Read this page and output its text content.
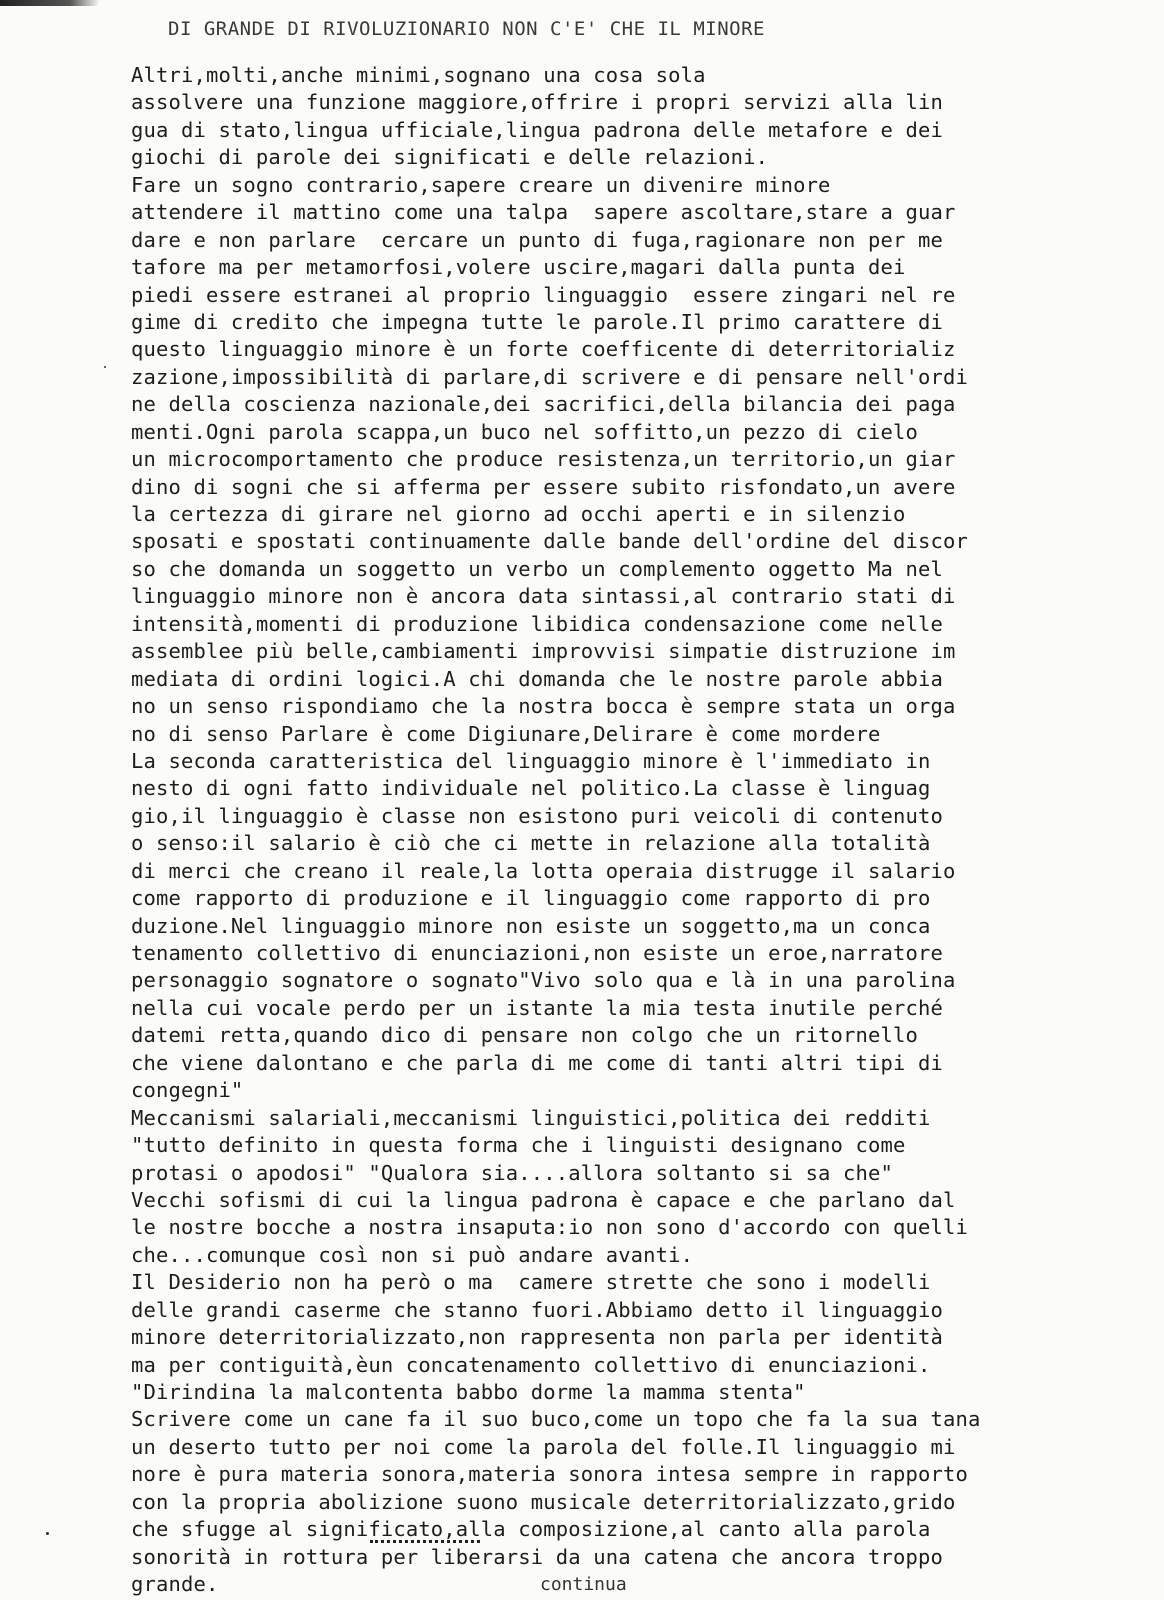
DI GRANDE DI RIVOLUZIONARIO NON C'E' CHE IL MINORE
Altri,molti,anche minimi,sognano una cosa sola
assolvere una funzione maggiore,offrire i propri servizi alla lin
gua di stato,lingua ufficiale,lingua padrona delle metafore e dei
giochi di parole dei significati e delle relazioni.
Fare un sogno contrario,sapere creare un divenire minore
attendere il mattino come una talpa  sapere ascoltare,stare a guar
dare e non parlare  cercare un punto di fuga,ragionare non per me
tafore ma per metamorfosi,volere uscire,magari dalla punta dei
piedi essere estranei al proprio linguaggio  essere zingari nel re
gime di credito che impegna tutte le parole.Il primo carattere di
questo linguaggio minore è un forte coefficente di deterritorializ
zazione,impossibilità di parlare,di scrivere e di pensare nell'ordi
ne della coscienza nazionale,dei sacrifici,della bilancia dei paga
menti.Ogni parola scappa,un buco nel soffitto,un pezzo di cielo
un microcomportamento che produce resistenza,un territorio,un giar
dino di sogni che si afferma per essere subito risfondato,un avere
la certezza di girare nel giorno ad occhi aperti e in silenzio
sposati e spostati continuamente dalle bande dell'ordine del discor
so che domanda un soggetto un verbo un complemento oggetto Ma nel
linguaggio minore non è ancora data sintassi,al contrario stati di
intensità,momenti di produzione libidica condensazione come nelle
assemblee più belle,cambiamenti improvvisi simpatie distruzione im
mediata di ordini logici.A chi domanda che le nostre parole abbia
no un senso rispondiamo che la nostra bocca è sempre stata un orga
no di senso Parlare è come Digiunare,Delirare è come mordere
La seconda caratteristica del linguaggio minore è l'immediato in
nesto di ogni fatto individuale nel politico.La classe è linguag
gio,il linguaggio è classe non esistono puri veicoli di contenuto
o senso:il salario è ciò che ci mette in relazione alla totalità
di merci che creano il reale,la lotta operaia distrugge il salario
come rapporto di produzione e il linguaggio come rapporto di pro
duzione.Nel linguaggio minore non esiste un soggetto,ma un conca
tenamento collettivo di enunciazioni,non esiste un eroe,narratore
personaggio sognatore o sognato"Vivo solo qua e là in una parolina
nella cui vocale perdo per un istante la mia testa inutile perché
datemi retta,quando dico di pensare non colgo che un ritornello
che viene dalontano e che parla di me come di tanti altri tipi di
congegni"
Meccanismi salariali,meccanismi linguistici,politica dei redditi
"tutto definito in questa forma che i linguisti designano come
protasi o apodosi" "Qualora sia....allora soltanto si sa che"
Vecchi sofismi di cui la lingua padrona è capace e che parlano dal
le nostre bocche a nostra insaputa:io non sono d'accordo con quelli
che...comunque così non si può andare avanti.
Il Desiderio non ha però o ma  camere strette che sono i modelli
delle grandi caserme che stanno fuori.Abbiamo detto il linguaggio
minore deterritorializzato,non rappresenta non parla per identità
ma per contiguità,èun concatenamento collettivo di enunciazioni.
"Dirindina la malcontenta babbo dorme la mamma stenta"
Scrivere come un cane fa il suo buco,come un topo che fa la sua tana
un deserto tutto per noi come la parola del folle.Il linguaggio mi
nore è pura materia sonora,materia sonora intesa sempre in rapporto
con la propria abolizione suono musicale deterritorializzato,grido
che sfugge al significato,alla composizione,al canto alla parola
sonorità in rottura per liberarsi da una catena che ancora troppo
grande.	continua
